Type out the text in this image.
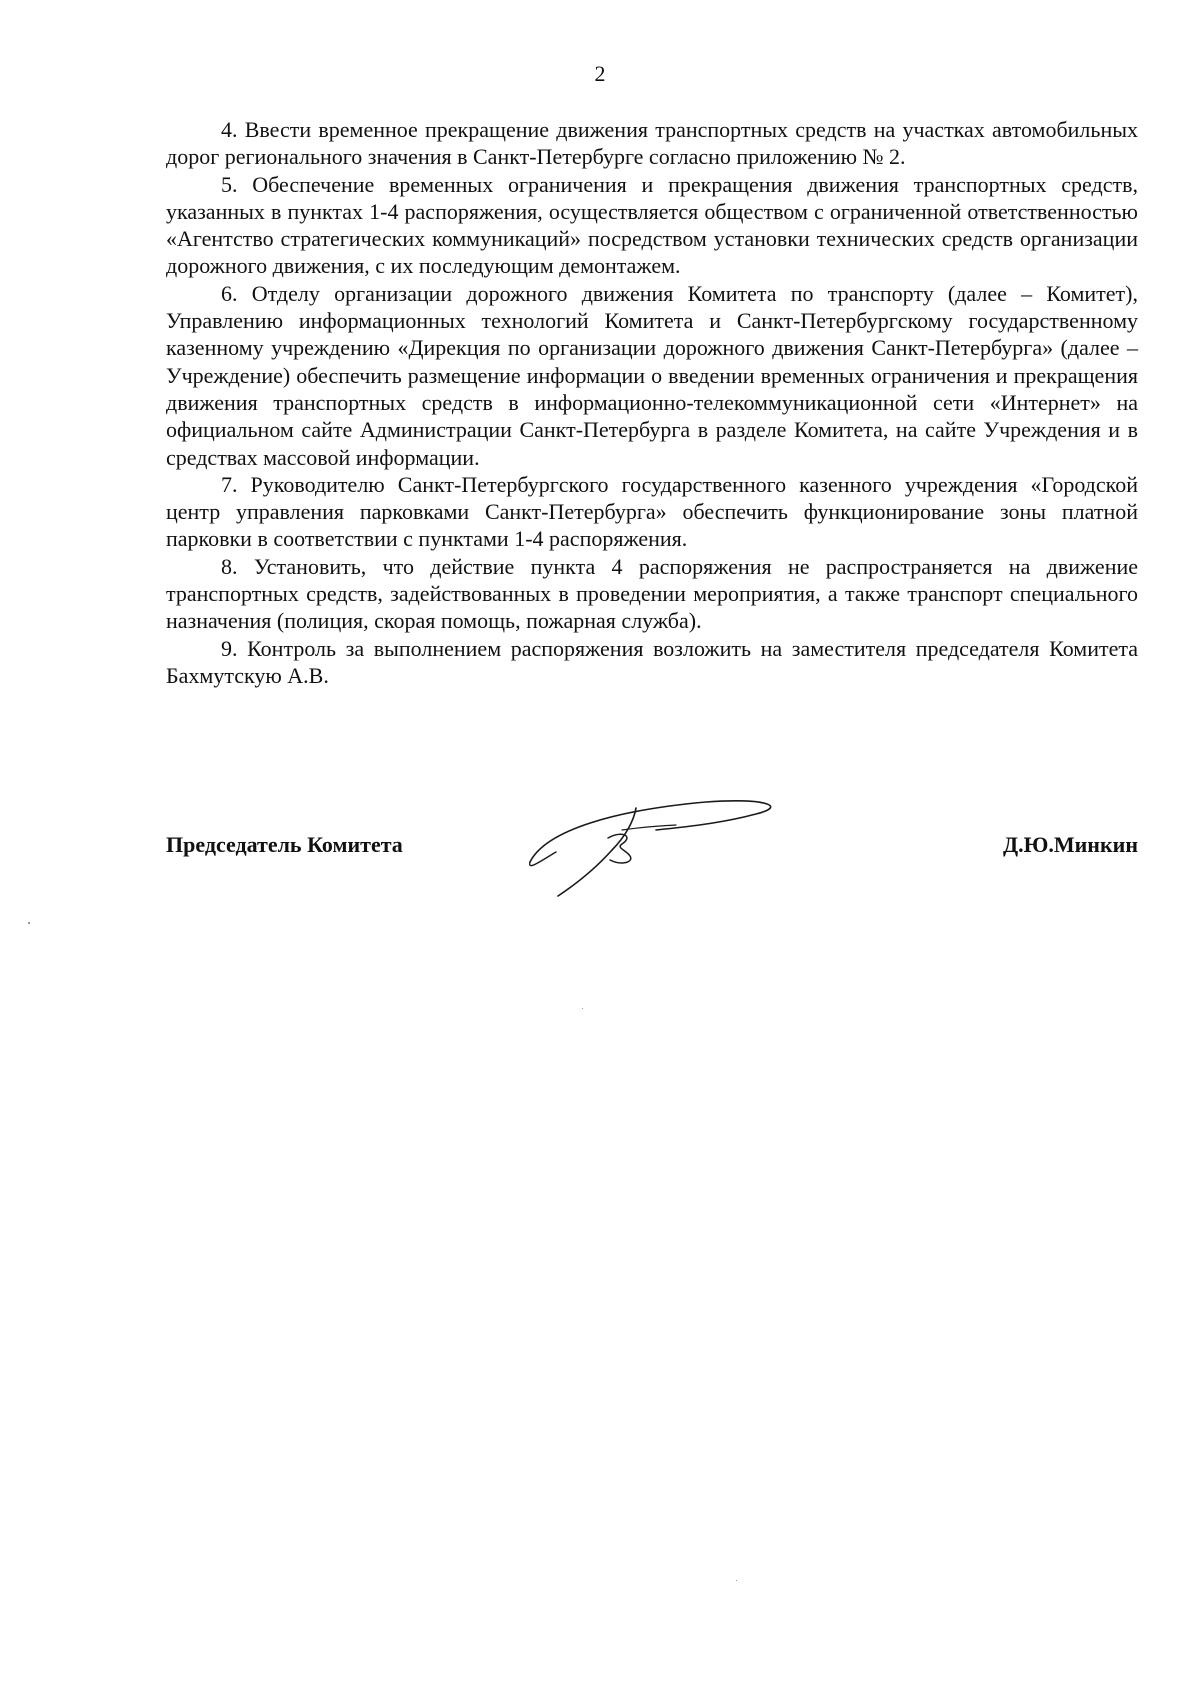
2

4. Ввести временное прекращение движения транспортных средств на участках автомобильных дорог регионального значения в Санкт-Петербурге согласно приложению № 2.

5. Обеспечение временных ограничения и прекращения движения транспортных средств, указанных в пунктах 1-4 распоряжения, осуществляется обществом с ограниченной ответственностью «Агентство стратегических коммуникаций» посредством установки технических средств организации дорожного движения, с их последующим демонтажем.

6. Отделу организации дорожного движения Комитета по транспорту (далее – Комитет), Управлению информационных технологий Комитета и Санкт-Петербургскому государственному казенному учреждению «Дирекция по организации дорожного движения Санкт-Петербурга» (далее – Учреждение) обеспечить размещение информации о введении временных ограничения и прекращения движения транспортных средств в информационно-телекоммуникационной сети «Интернет» на официальном сайте Администрации Санкт-Петербурга в разделе Комитета, на сайте Учреждения и в средствах массовой информации.

7. Руководителю Санкт-Петербургского государственного казенного учреждения «Городской центр управления парковками Санкт-Петербурга» обеспечить функционирование зоны платной парковки в соответствии с пунктами 1-4 распоряжения.

8. Установить, что действие пункта 4 распоряжения не распространяется на движение транспортных средств, задействованных в проведении мероприятия, а также транспорт специального назначения (полиция, скорая помощь, пожарная служба).

9. Контроль за выполнением распоряжения возложить на заместителя председателя Комитета Бахмутскую А.В.

Председатель Комитета	Д.Ю.Минкин
